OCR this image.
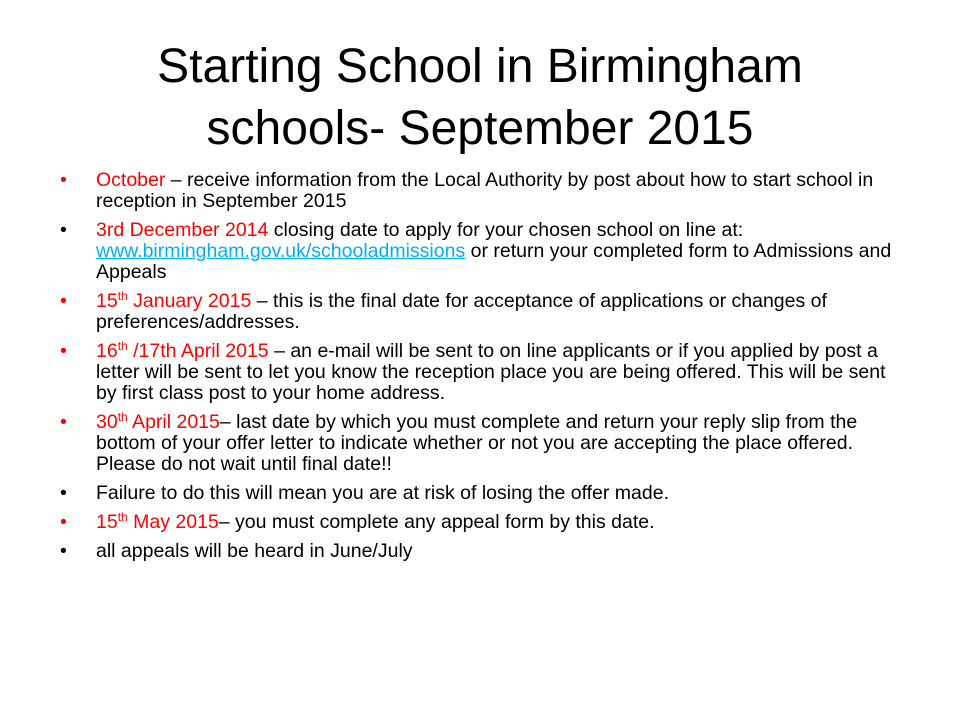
Starting School in Birmingham
schools- September 2015
• October – receive information from the Local Authority by post about how to start school in reception in September 2015
• 3rd December 2014 closing date to apply for your chosen school on line at: www.birmingham.gov.uk/schooladmissions or return your completed form to Admissions and Appeals
• 15th January 2015 – this is the final date for acceptance of applications or changes of preferences/addresses.
• 16th /17th April 2015 – an e-mail will be sent to on line applicants or if you applied by post a letter will be sent to let you know the reception place you are being offered. This will be sent by first class post to your home address.
• 30th April 2015– last date by which you must complete and return your reply slip from the bottom of your offer letter to indicate whether or not you are accepting the place offered. Please do not wait until final date!!
• Failure to do this will mean you are at risk of losing the offer made.
• 15th May 2015– you must complete any appeal form by this date.
• all appeals will be heard in June/July
